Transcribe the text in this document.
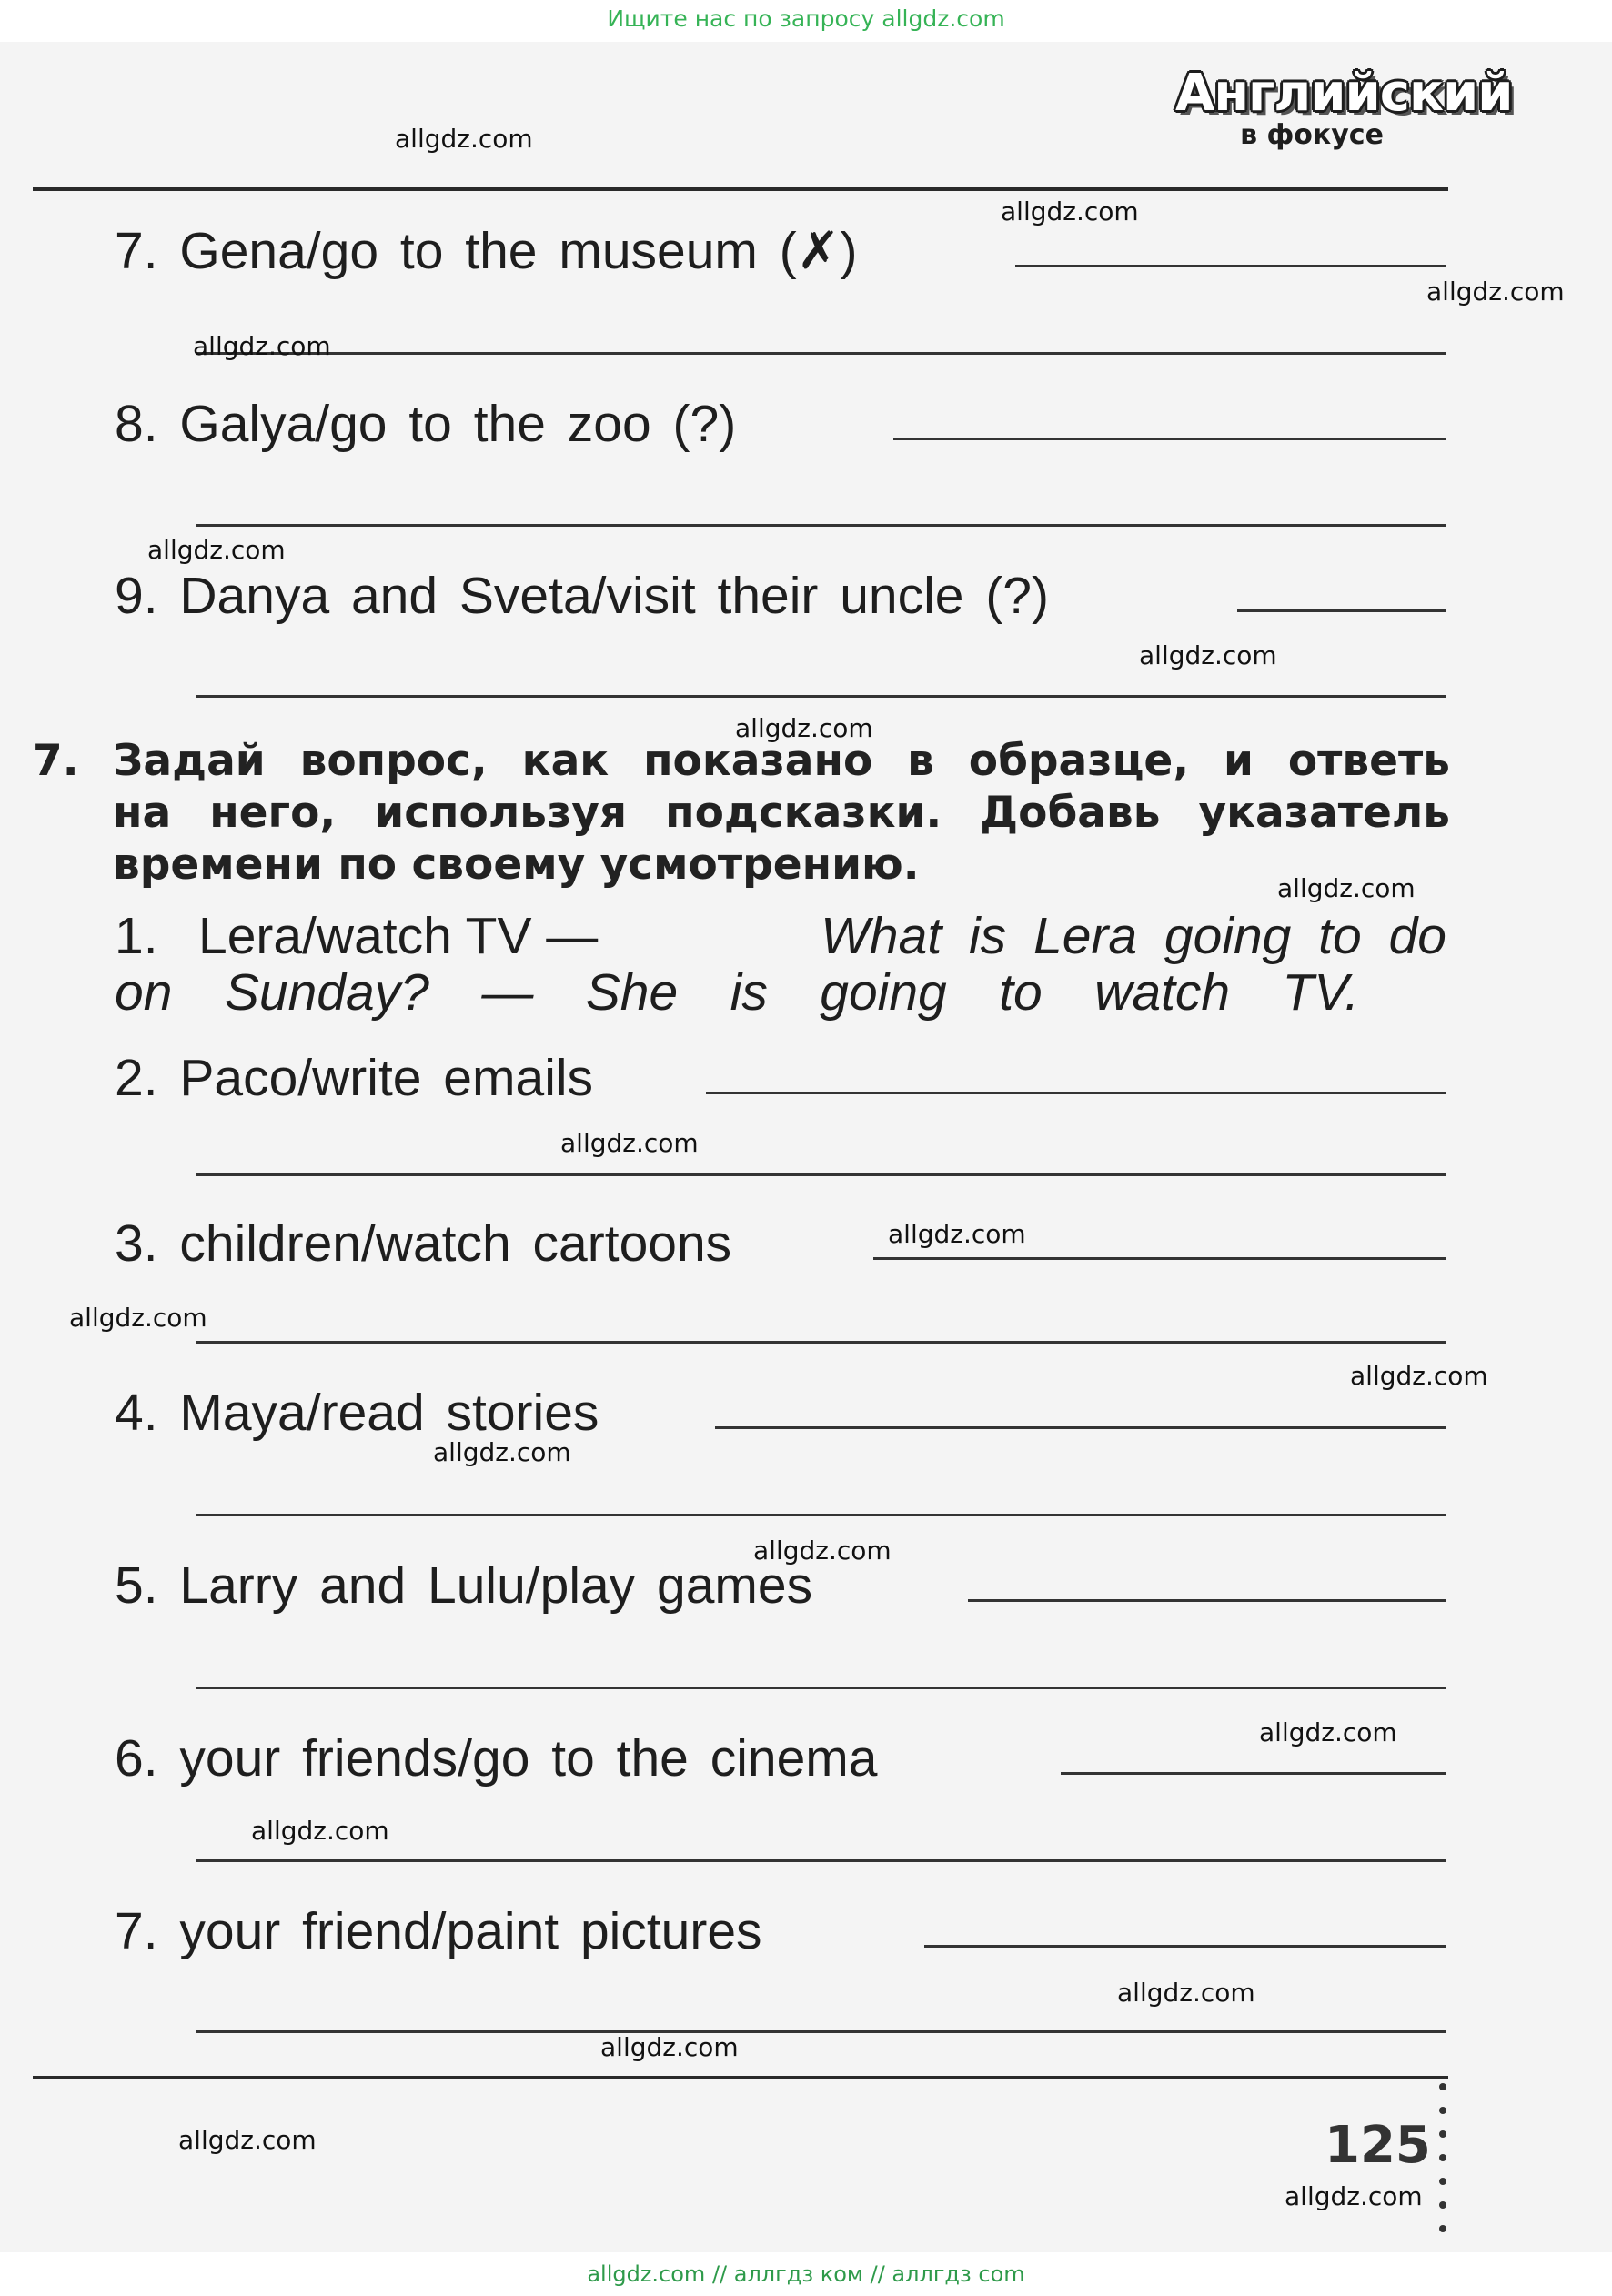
Ищите нас по запросу allgdz.com
Английский
в фокусе
7. Gena/go to the museum (✗)
8. Galya/go to the zoo (?)
9. Danya and Sveta/visit their uncle (?)
7. Задай вопрос, как показано в образце, и ответь
на него, используя подсказки. Добавь указатель
времени по своему усмотрению.
1. Lera/watch TV —	What is Lera going to do
on Sunday? — She is going to watch TV.
2. Paco/write emails
3. children/watch cartoons
4. Maya/read stories
5. Larry and Lulu/play games
6. your friends/go to the cinema
7. your friend/paint pictures
125
allgdz.com
allgdz.com
allgdz.com
allgdz.com
allgdz.com
allgdz.com
allgdz.com
allgdz.com
allgdz.com
allgdz.com
allgdz.com
allgdz.com
allgdz.com
allgdz.com
allgdz.com
allgdz.com
allgdz.com
allgdz.com
allgdz.com
allgdz.com
allgdz.com // аллгдз ком // аллгдз com
